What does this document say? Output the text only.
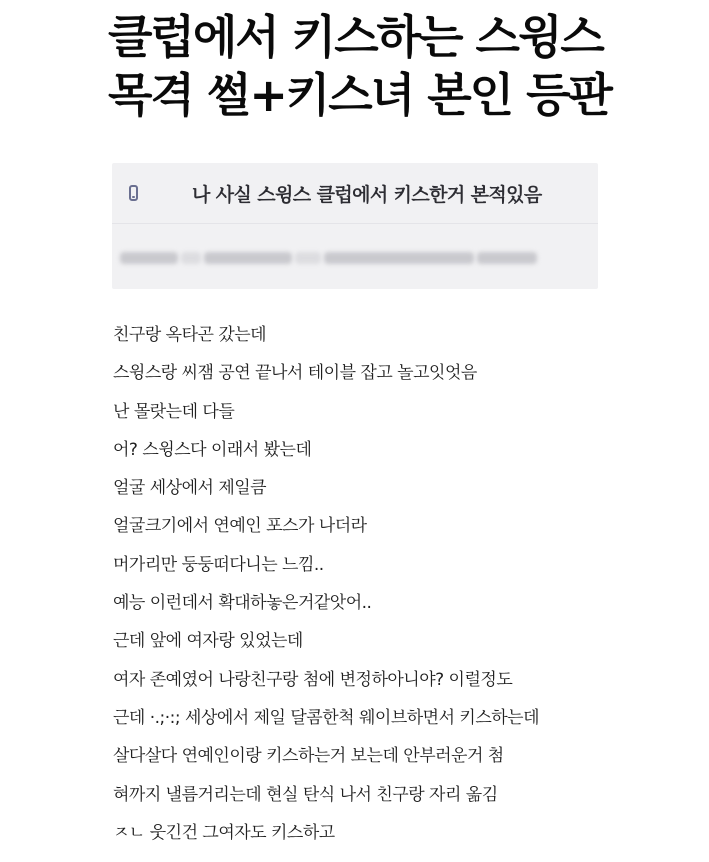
클럽에서 키스하는 스윙스
목격 썰+키스녀 본인 등판
나 사실 스윙스 클럽에서 키스한거 본적있음

친구랑 옥타곤 갔는데

스윙스랑 씨잼 공연 끝나서 테이블 잡고 놀고잇엇음

난 몰랏는데 다들

어? 스윙스다 이래서 봤는데

얼굴 세상에서 제일큼

얼굴크기에서 연예인 포스가 나더라

머가리만 둥둥떠다니는 느낌..

예능 이런데서 확대하놓은거같앗어..

근데 앞에 여자랑 있었는데

여자 존예였어 나랑친구랑 첨에 변정하아니야? 이럴정도

근데 ·.;·:; 세상에서 제일 달콤한척 웨이브하면서 키스하는데

살다살다 연예인이랑 키스하는거 보는데 안부러운거 첨

혀까지 낼름거리는데 현실 탄식 나서 친구랑 자리 옮김

ㅈㄴ 웃긴건 그여자도 키스하고
